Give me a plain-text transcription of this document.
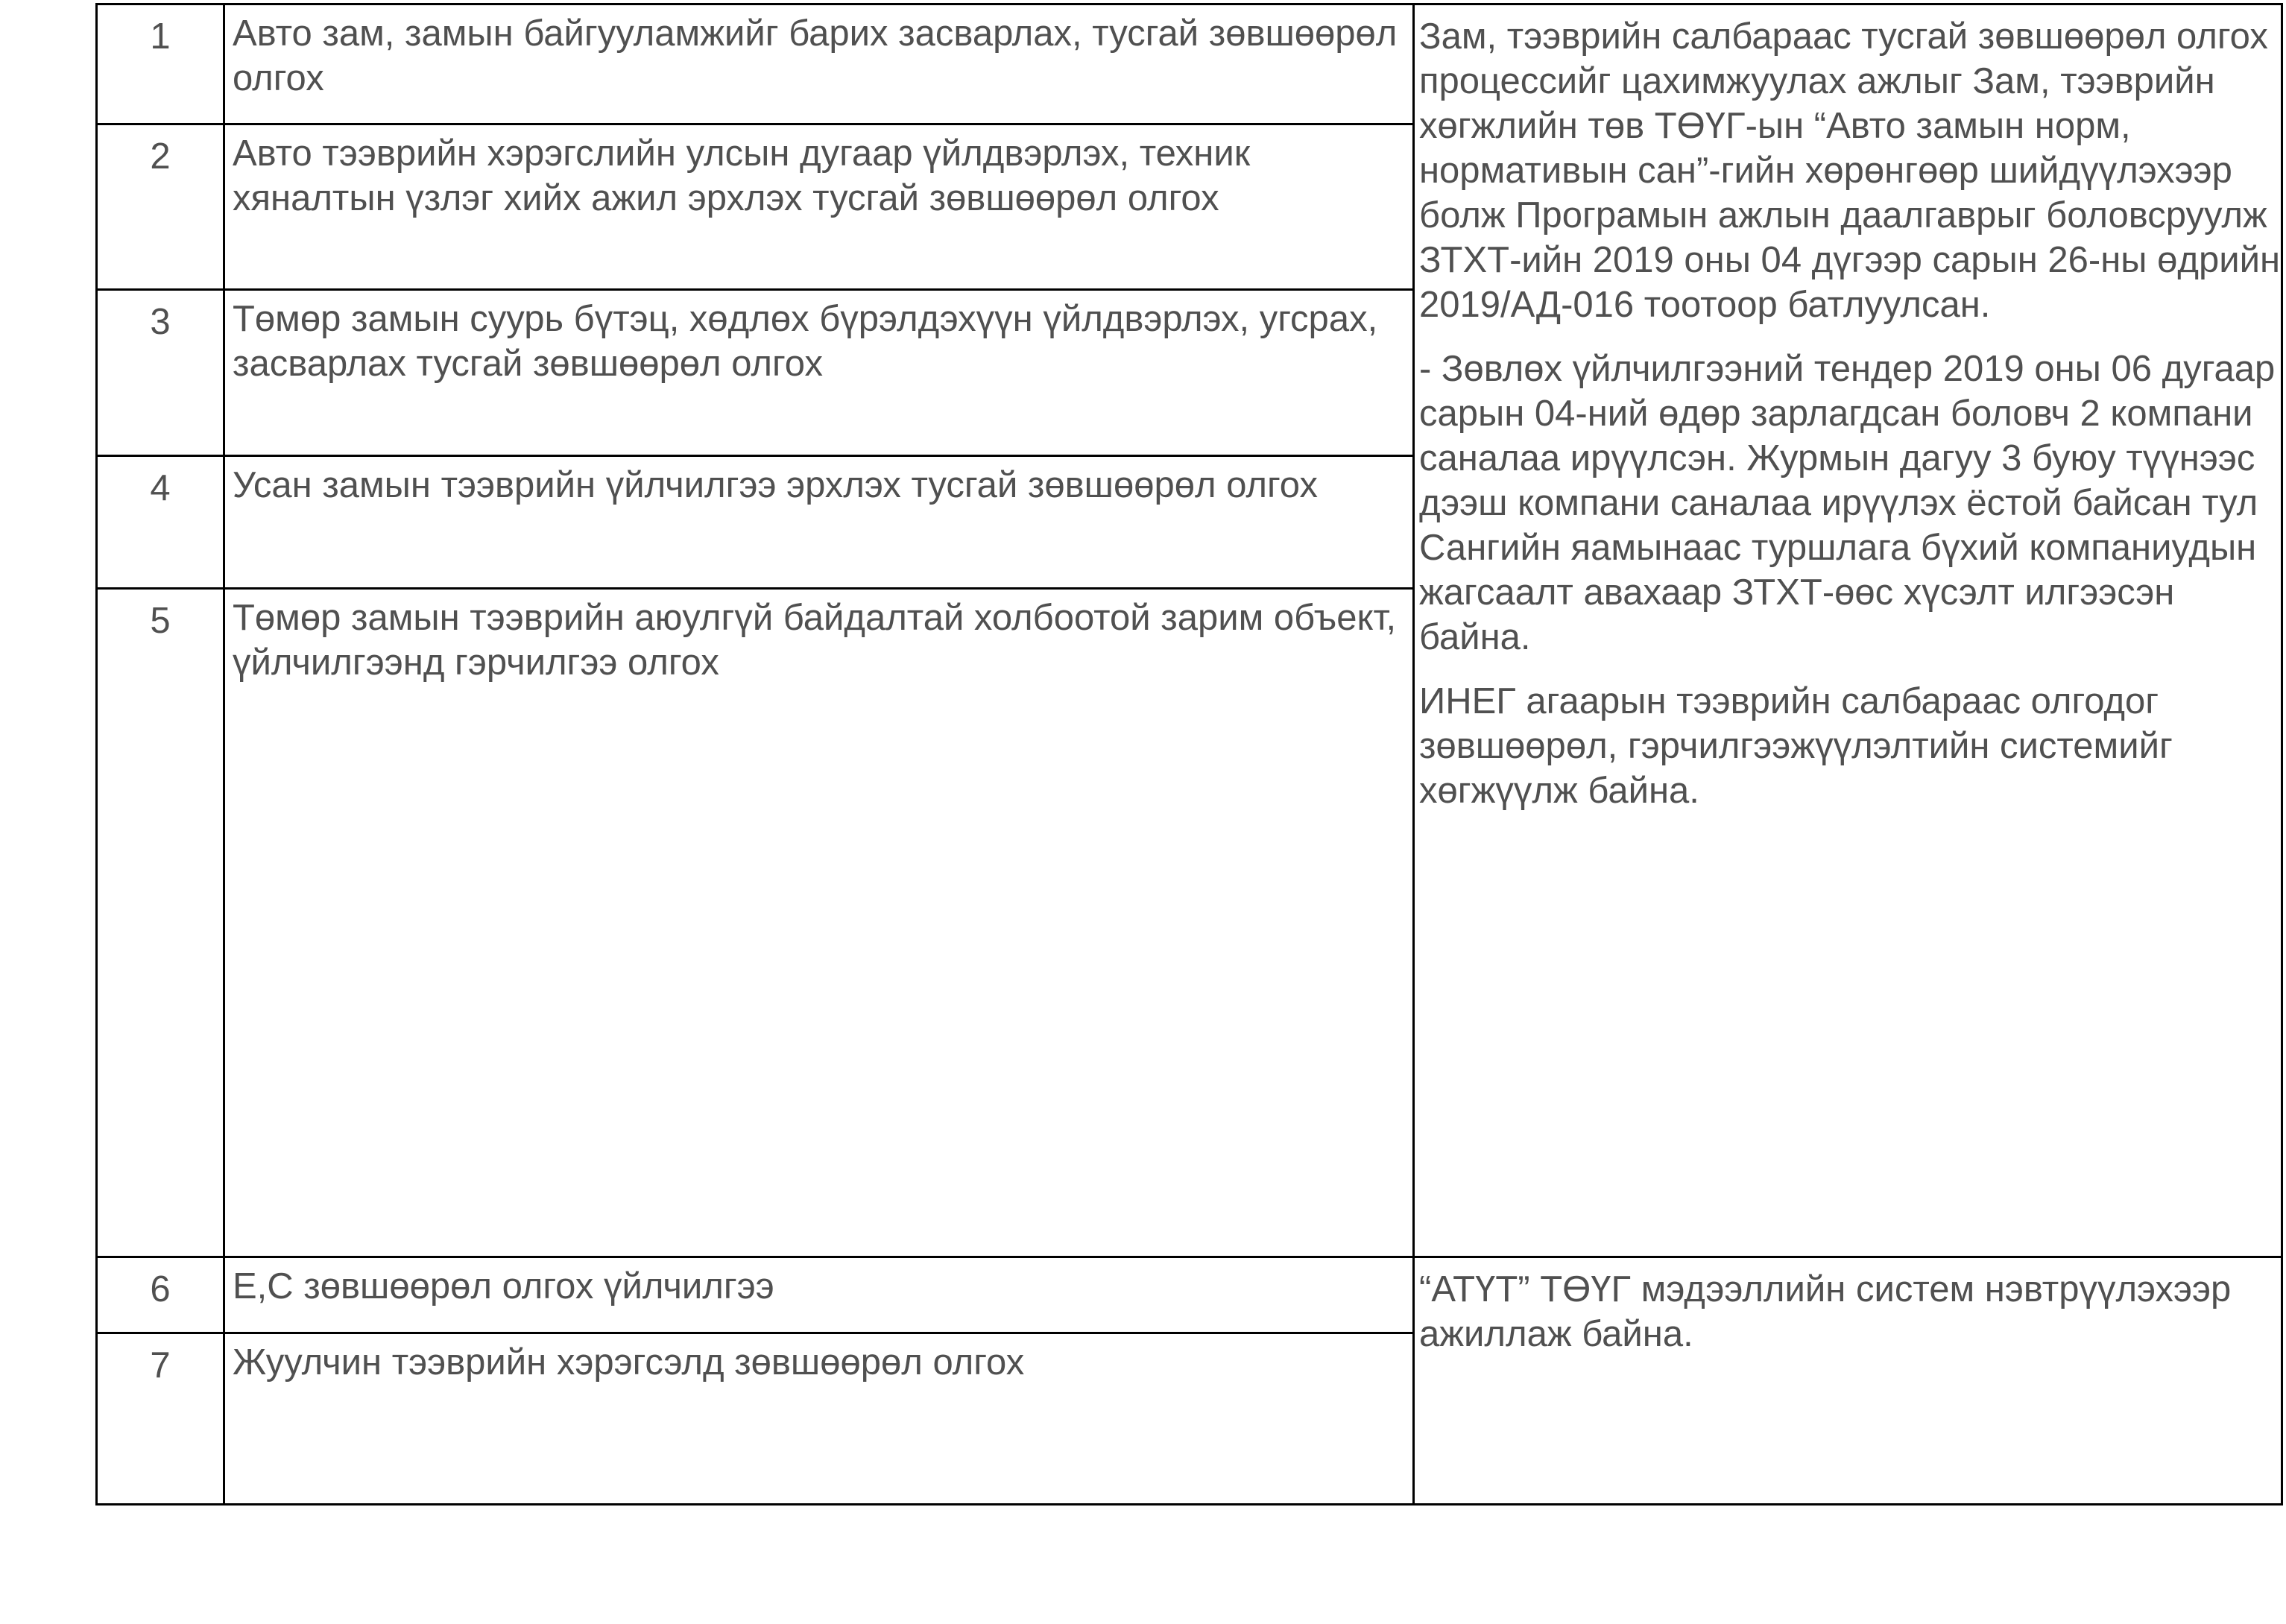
1	Авто зам, замын байгууламжийг барих засварлах, тусгай зөвшөөрөл олгох	Зам, тээврийн салбараас тусгай зөвшөөрөл олгох процессийг цахимжуулах ажлыг Зам, тээврийн хөгжлийн төв ТӨҮГ-ын “Авто замын норм, нормативын сан”-гийн хөрөнгөөр шийдүүлэхээр болж Програмын ажлын даалгаврыг боловсруулж ЗТХТ-ийн 2019 оны 04 дүгээр сарын 26-ны өдрийн 2019/АД-016 тоотоор батлуулсан.

- Зөвлөх үйлчилгээний тендер 2019 оны 06 дугаар сарын 04-ний өдөр зарлагдсан боловч 2 компани саналаа ирүүлсэн. Журмын дагуу 3 буюу түүнээс дээш компани саналаа ирүүлэх ёстой байсан тул Сангийн яамынаас туршлага бүхий компаниудын жагсаалт авахаар ЗТХТ-өөс хүсэлт илгээсэн байна.

ИНЕГ агаарын тээврийн салбараас олгодог зөвшөөрөл, гэрчилгээжүүлэлтийн системийг хөгжүүлж байна.

2	Авто тээврийн хэрэгслийн улсын дугаар үйлдвэрлэх, техник хяналтын үзлэг хийх ажил эрхлэх тусгай зөвшөөрөл олгох	
3	Төмөр замын суурь бүтэц, хөдлөх бүрэлдэхүүн үйлдвэрлэх, угсрах, засварлах тусгай зөвшөөрөл олгох	
4	Усан замын тээврийн үйлчилгээ эрхлэх тусгай зөвшөөрөл олгох	
5	Төмөр замын тээврийн аюулгүй байдалтай холбоотой зарим объект, үйлчилгээнд гэрчилгээ олгох	
6	Е,С зөвшөөрөл олгох үйлчилгээ	“АТҮТ” ТӨҮГ мэдээллийн систем нэвтрүүлэхээр ажиллаж байна.

7	Жуулчин тээврийн хэрэгсэлд зөвшөөрөл олгох	
